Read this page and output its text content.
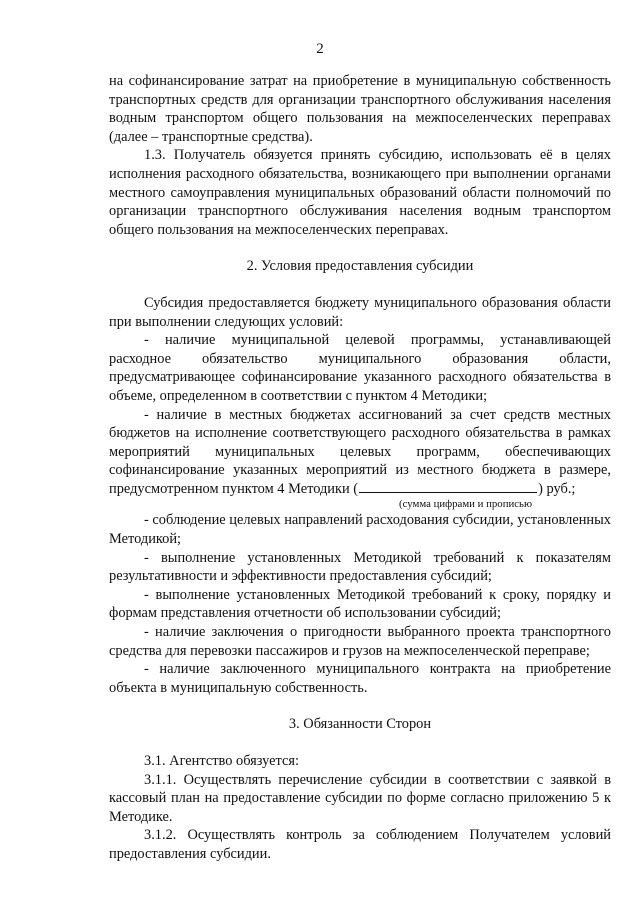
2

на софинансирование затрат на приобретение в муниципальную собственность транспортных средств для организации транспортного обслуживания населения водным транспортом общего пользования на межпоселенческих переправах (далее – транспортные средства).

1.3. Получатель обязуется принять субсидию, использовать её в целях исполнения расходного обязательства, возникающего при выполнении органами местного самоуправления муниципальных образований области полномочий по организации транспортного обслуживания населения водным транспортом общего пользования на межпоселенческих переправах.

2. Условия предоставления субсидии

Субсидия предоставляется бюджету муниципального образования области при выполнении следующих условий:

- наличие муниципальной целевой программы, устанавливающей расходное обязательство муниципального образования области, предусматривающее софинансирование указанного расходного обязательства в объеме, определенном в соответствии с пунктом 4 Методики;

- наличие в местных бюджетах ассигнований за счет средств местных бюджетов на исполнение соответствующего расходного обязательства в рамках мероприятий муниципальных целевых программ, обеспечивающих софинансирование указанных мероприятий из местного бюджета в размере, предусмотренном пунктом 4 Методики (	) руб.;

(сумма цифрами и прописью

- соблюдение целевых направлений расходования субсидии, установленных Методикой;

- выполнение установленных Методикой требований к показателям результативности и эффективности предоставления субсидий;

- выполнение установленных Методикой требований к сроку, порядку и формам представления отчетности об использовании субсидий;

- наличие заключения о пригодности выбранного проекта транспортного средства для перевозки пассажиров и грузов на межпоселенческой переправе;

- наличие заключенного муниципального контракта на приобретение объекта в муниципальную собственность.

3. Обязанности Сторон

3.1. Агентство обязуется:

3.1.1. Осуществлять перечисление субсидии в соответствии с заявкой в кассовый план на предоставление субсидии по форме согласно приложению 5 к Методике.

3.1.2. Осуществлять контроль за соблюдением Получателем условий предоставления субсидии.
